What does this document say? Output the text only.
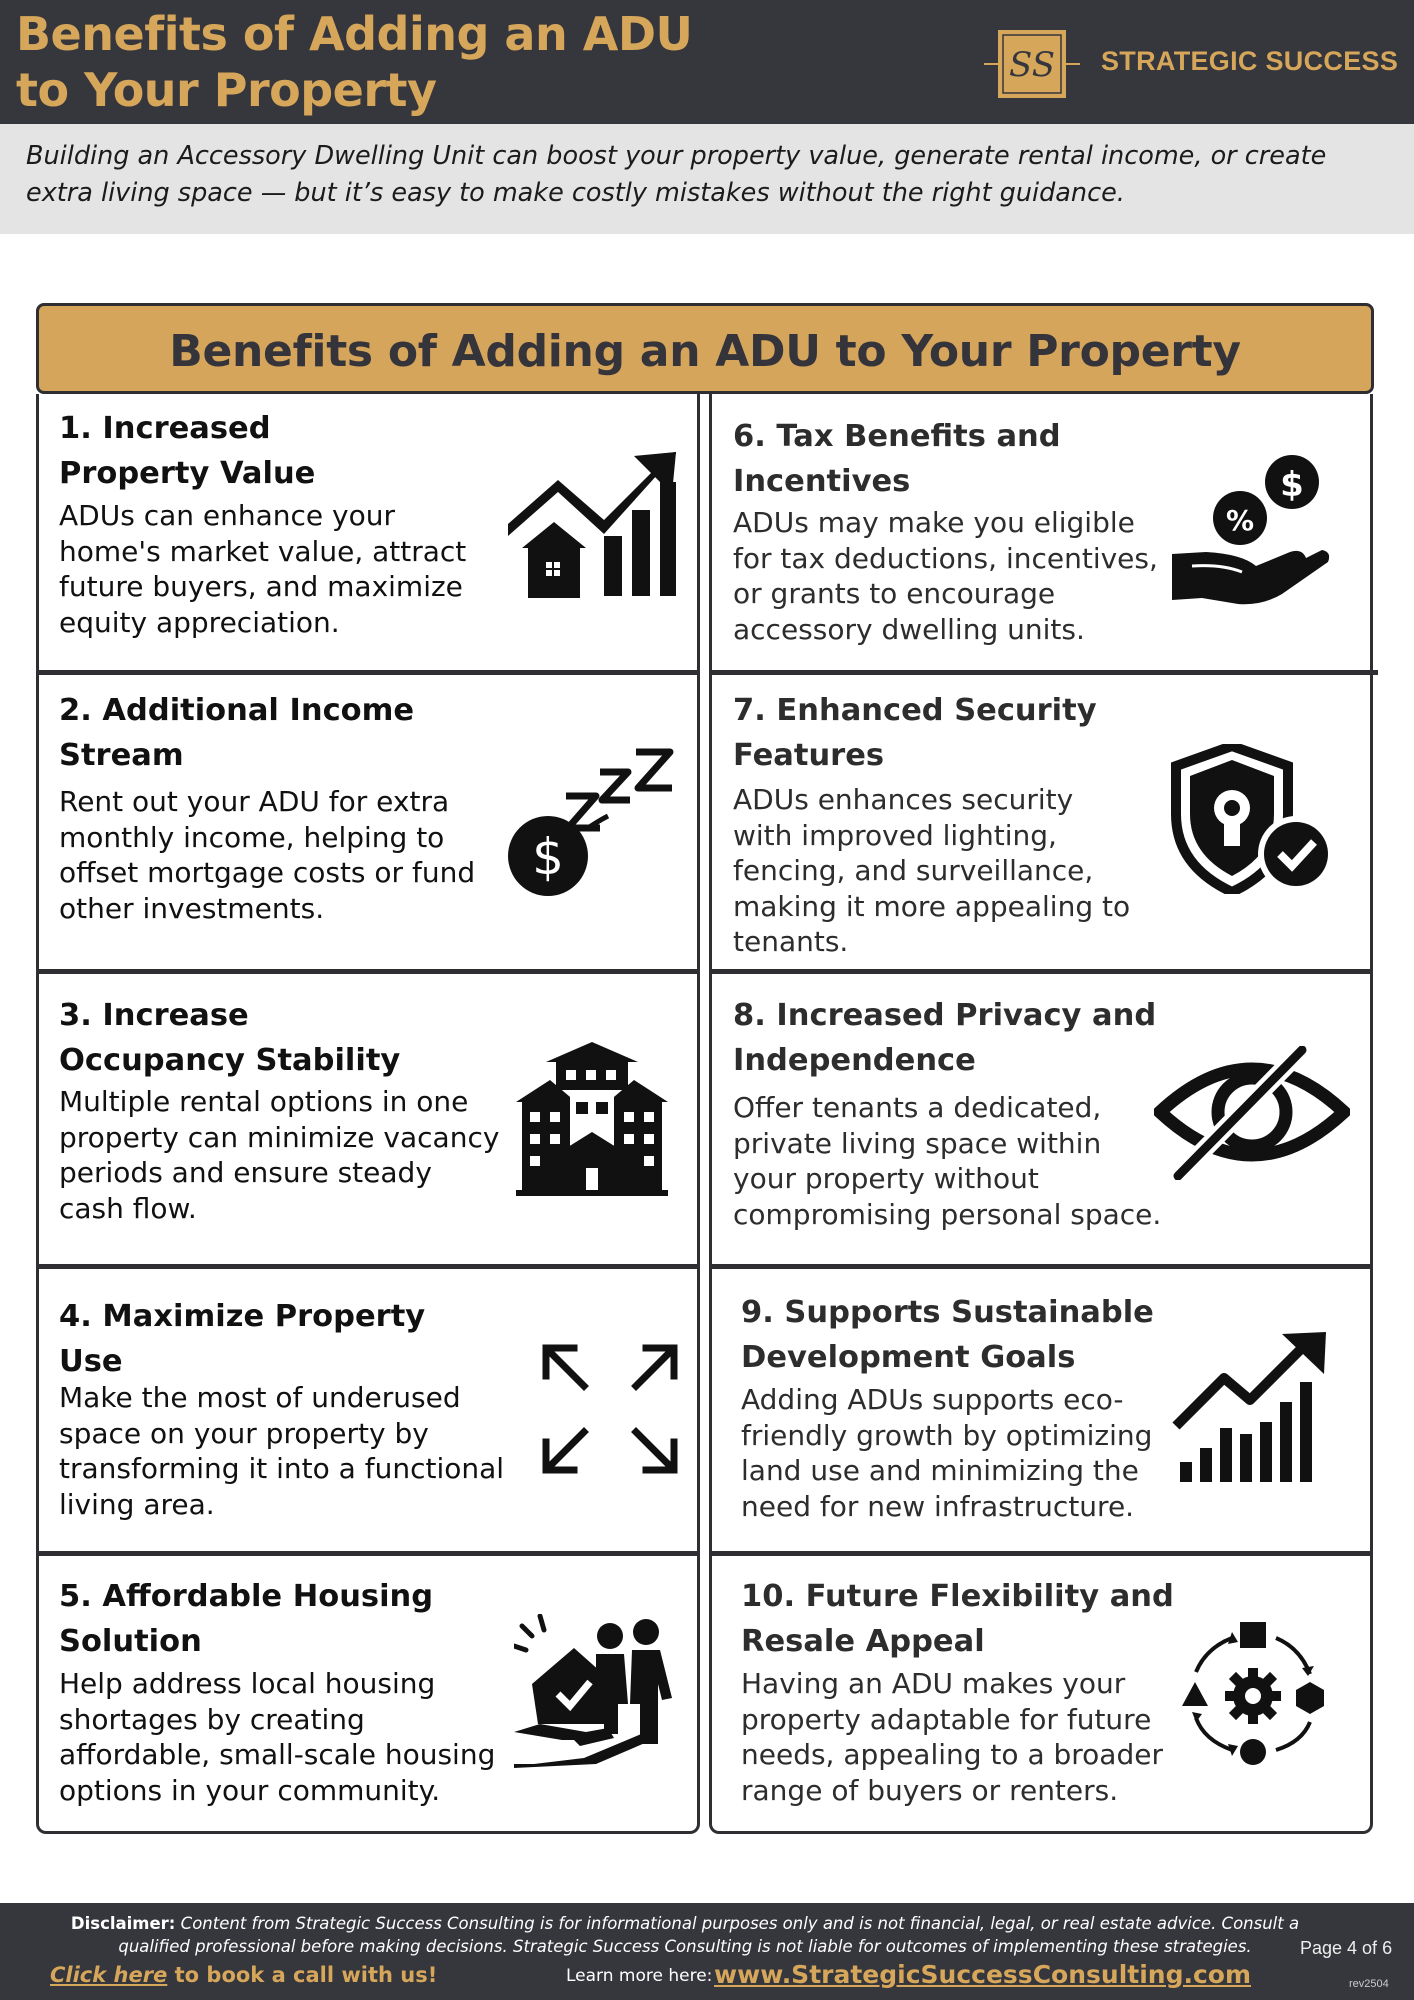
Benefits of Adding an ADU
to Your Property	SS STRATEGIC SUCCESS
Building an Accessory Dwelling Unit can boost your property value, generate rental income, or create extra living space — but it’s easy to make costly mistakes without the right guidance.
Benefits of Adding an ADU to Your Property
1. Increased
Property Value
ADUs can enhance your
home's market value, attract
future buyers, and maximize
equity appreciation.
2. Additional Income
Stream
Rent out your ADU for extra
monthly income, helping to
offset mortgage costs or fund
other investments.
$
3. Increase
Occupancy Stability
Multiple rental options in one
property can minimize vacancy
periods and ensure steady
cash flow.
4. Maximize Property
Use
Make the most of underused
space on your property by
transforming it into a functional
living area.
5. Affordable Housing
Solution
Help address local housing
shortages by creating
affordable, small-scale housing
options in your community.
6. Tax Benefits and
Incentives
ADUs may make you eligible
for tax deductions, incentives,
or grants to encourage
accessory dwelling units.
$
%
7. Enhanced Security
Features
ADUs enhances security
with improved lighting,
fencing, and surveillance,
making it more appealing to
tenants.
8. Increased Privacy and
Independence
Offer tenants a dedicated,
private living space within
your property without
compromising personal space.
9. Supports Sustainable
Development Goals
Adding ADUs supports eco-
friendly growth by optimizing
land use and minimizing the
need for new infrastructure.
10. Future Flexibility and
Resale Appeal
Having an ADU makes your
property adaptable for future
needs, appealing to a broader
range of buyers or renters.
Disclaimer: Content from Strategic Success Consulting is for informational purposes only and is not financial, legal, or real estate advice. Consult a
qualified professional before making decisions. Strategic Success Consulting is not liable for outcomes of implementing these strategies.
Click here to book a call with us!	Learn more here: www.StrategicSuccessConsulting.com
Page 4 of 6
rev2504
